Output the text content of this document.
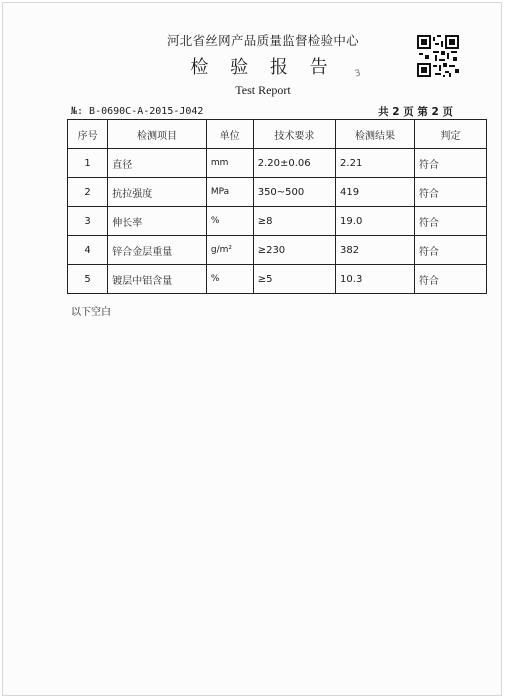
河北省丝网产品质量监督检验中心
检 验 报 告	3
Test Report
№: B-0690C-A-2015-J042	共 2 页 第 2 页
序号	检测项目	单位	技术要求	检测结果	判定
1	直径	mm	2.20±0.06	2.21	符合
2	抗拉强度	MPa	350~500	419	符合
3	伸长率	%	≥8	19.0	符合
4	锌合金层重量	g/m²	≥230	382	符合
5	镀层中铝含量	%	≥5	10.3	符合
以下空白
